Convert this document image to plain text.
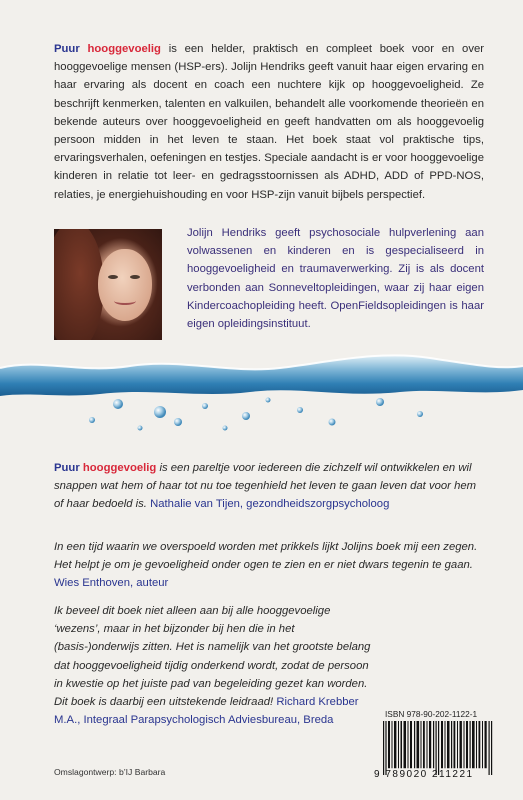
Puur hooggevoelig is een helder, praktisch en compleet boek voor en over hooggevoelige mensen (HSP-ers). Jolijn Hendriks geeft vanuit haar eigen ervaring en haar ervaring als docent en coach een nuchtere kijk op hooggevoeligheid. Ze beschrijft kenmerken, talenten en valkuilen, behandelt alle voorkomende theorieën en bekende auteurs over hooggevoeligheid en geeft handvatten om als hooggevoelig persoon midden in het leven te staan. Het boek staat vol praktische tips, ervaringsverhalen, oefeningen en testjes. Speciale aandacht is er voor hooggevoelige kinderen in relatie tot leer- en gedragsstoornissen als ADHD, ADD of PPD-NOS, relaties, je energiehuishouding en voor HSP-zijn vanuit bijbels perspectief.
Jolijn Hendriks geeft psychosociale hulpverlening aan volwassenen en kinderen en is gespecialiseerd in hooggevoeligheid en traumaverwerking. Zij is als docent verbonden aan Sonneveltopleidingen, waar zij haar eigen Kindercoachopleiding heeft. OpenFieldsopleidingen is haar eigen opleidingsinstituut.
Puur hooggevoelig is een pareltje voor iedereen die zichzelf wil ontwikkelen en wil snappen wat hem of haar tot nu toe tegenhield het leven te gaan leven dat voor hem of haar bedoeld is. Nathalie van Tijen, gezondheidszorgpsycholoog
In een tijd waarin we overspoeld worden met prikkels lijkt Jolijns boek mij een zegen. Het helpt je om je gevoeligheid onder ogen te zien en er niet dwars tegenin te gaan. Wies Enthoven, auteur
Ik beveel dit boek niet alleen aan bij alle hooggevoelige ‘wezens’, maar in het bijzonder bij hen die in het (basis-)onderwijs zitten. Het is namelijk van het grootste belang dat hooggevoeligheid tijdig onderkend wordt, zodat de persoon in kwestie op het juiste pad van begeleiding gezet kan worden. Dit boek is daarbij een uitstekende leidraad! Richard Krebber M.A., Integraal Parapsychologisch Adviesbureau, Breda
ISBN 978-90-202-1122-1
9 789020 211221
Omslagontwerp: b’IJ Barbara
